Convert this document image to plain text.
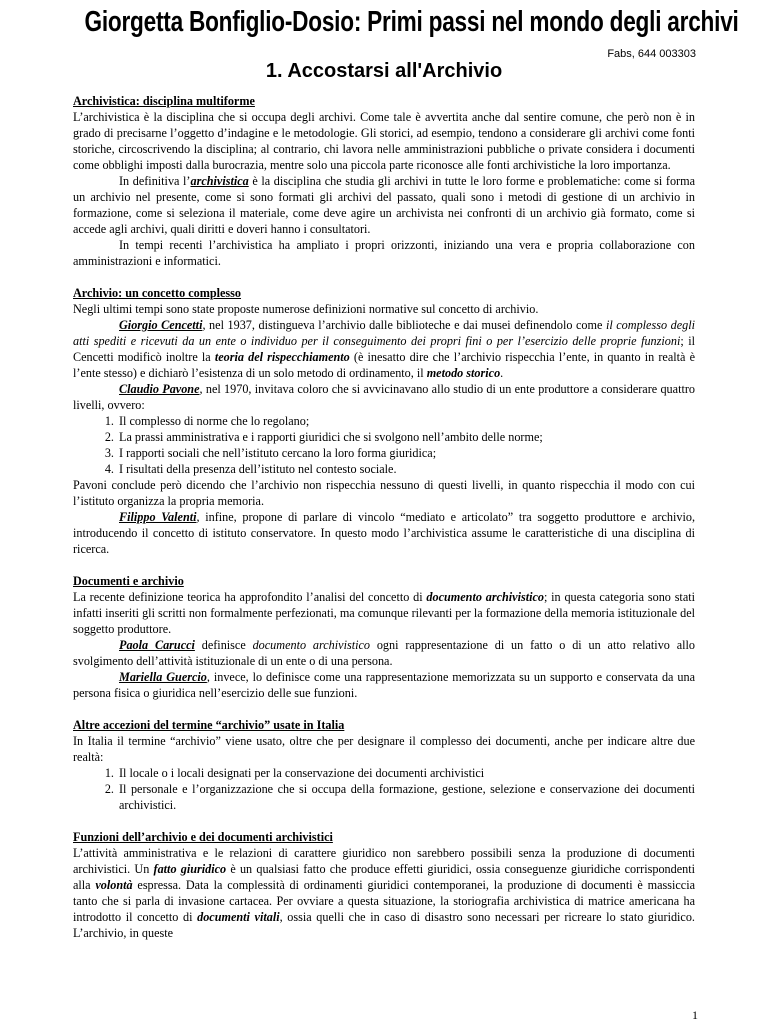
Giorgetta Bonfiglio-Dosio: Primi passi nel mondo degli archivi
Fabs, 644 003303
1. Accostarsi all'Archivio
Archivistica: disciplina multiforme

L’archivistica è la disciplina che si occupa degli archivi. Come tale è avvertita anche dal sentire comune, che però non è in grado di precisarne l’oggetto d’indagine e le metodologie. Gli storici, ad esempio, tendono a considerare gli archivi come fonti storiche, circoscrivendo la disciplina; al contrario, chi lavora nelle amministrazioni pubbliche o private considera i documenti come obblighi imposti dalla burocrazia, mentre solo una piccola parte riconosce alle fonti archivistiche la loro importanza.

In definitiva l’archivistica è la disciplina che studia gli archivi in tutte le loro forme e problematiche: come si forma un archivio nel presente, come si sono formati gli archivi del passato, quali sono i metodi di gestione di un archivio in formazione, come si seleziona il materiale, come deve agire un archivista nei confronti di un archivio già formato, come si accede agli archivi, quali diritti e doveri hanno i consultatori.

In tempi recenti l’archivistica ha ampliato i propri orizzonti, iniziando una vera e propria collaborazione con amministrazioni e informatici.

Archivio: un concetto complesso

Negli ultimi tempi sono state proposte numerose definizioni normative sul concetto di archivio.

Giorgio Cencetti, nel 1937, distingueva l’archivio dalle biblioteche e dai musei definendolo come il complesso degli atti spediti e ricevuti da un ente o individuo per il conseguimento dei propri fini o per l’esercizio delle proprie funzioni; il Cencetti modificò inoltre la teoria del rispecchiamento (è inesatto dire che l’archivio rispecchia l’ente, in quanto in realtà è l’ente stesso) e dichiarò l’esistenza di un solo metodo di ordinamento, il metodo storico.

Claudio Pavone, nel 1970, invitava coloro che si avvicinavano allo studio di un ente produttore a considerare quattro livelli, ovvero:

1. Il complesso di norme che lo regolano;
2. La prassi amministrativa e i rapporti giuridici che si svolgono nell’ambito delle norme;
3. I rapporti sociali che nell’istituto cercano la loro forma giuridica;
4. I risultati della presenza dell’istituto nel contesto sociale.

Pavoni conclude però dicendo che l’archivio non rispecchia nessuno di questi livelli, in quanto rispecchia il modo con cui l’istituto organizza la propria memoria.

Filippo Valenti, infine, propone di parlare di vincolo “mediato e articolato” tra soggetto produttore e archivio, introducendo il concetto di istituto conservatore. In questo modo l’archivistica assume le caratteristiche di una disciplina di ricerca.

Documenti e archivio

La recente definizione teorica ha approfondito l’analisi del concetto di documento archivistico; in questa categoria sono stati infatti inseriti gli scritti non formalmente perfezionati, ma comunque rilevanti per la formazione della memoria istituzionale del soggetto produttore.

Paola Carucci definisce documento archivistico ogni rappresentazione di un fatto o di un atto relativo allo svolgimento dell’attività istituzionale di un ente o di una persona.

Mariella Guercio, invece, lo definisce come una rappresentazione memorizzata su un supporto e conservata da una persona fisica o giuridica nell’esercizio delle sue funzioni.

Altre accezioni del termine “archivio” usate in Italia

In Italia il termine “archivio” viene usato, oltre che per designare il complesso dei documenti, anche per indicare altre due realtà:

1. Il locale o i locali designati per la conservazione dei documenti archivistici
2. Il personale e l’organizzazione che si occupa della formazione, gestione, selezione e conservazione dei documenti archivistici.
Funzioni dell’archivio e dei documenti archivistici

L’attività amministrativa e le relazioni di carattere giuridico non sarebbero possibili senza la produzione di documenti archivistici. Un fatto giuridico è un qualsiasi fatto che produce effetti giuridici, ossia conseguenze giuridiche corrispondenti alla volontà espressa. Data la complessità di ordinamenti giuridici contemporanei, la produzione di documenti è massiccia tanto che si parla di invasione cartacea. Per ovviare a questa situazione, la storiografia archivistica di matrice americana ha introdotto il concetto di documenti vitali, ossia quelli che in caso di disastro sono necessari per ricreare lo stato giuridico. L’archivio, in queste

1
